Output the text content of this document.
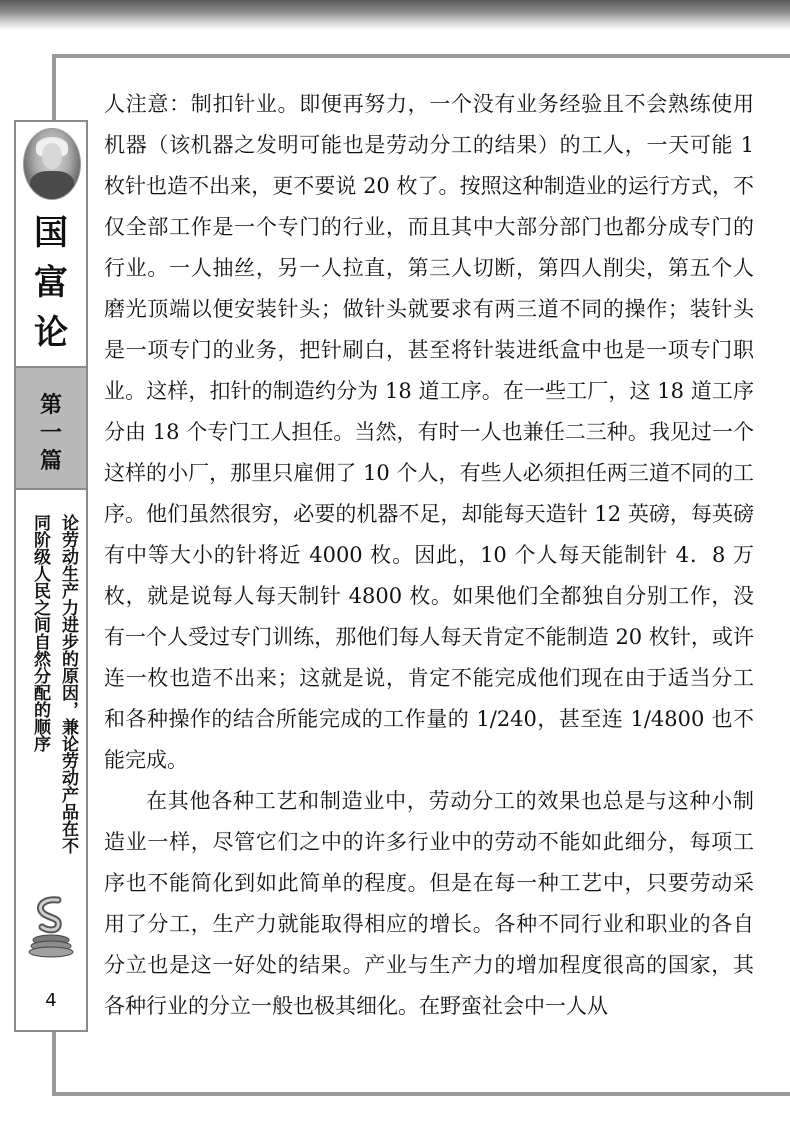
国
富
论
第
一
篇
论劳动生产力进步的原因，兼论劳动产品在不同阶级人民之间自然分配的顺序
4

人注意：制扣针业。即便再努力，一个没有业务经验且不会熟练使用机器（该机器之发明可能也是劳动分工的结果）的工人，一天可能 1 枚针也造不出来，更不要说 20 枚了。按照这种制造业的运行方式，不仅全部工作是一个专门的行业，而且其中大部分部门也都分成专门的行业。一人抽丝，另一人拉直，第三人切断，第四人削尖，第五个人磨光顶端以便安装针头；做针头就要求有两三道不同的操作；装针头是一项专门的业务，把针刷白，甚至将针装进纸盒中也是一项专门职业。这样，扣针的制造约分为 18 道工序。在一些工厂，这 18 道工序分由 18 个专门工人担任。当然，有时一人也兼任二三种。我见过一个这样的小厂，那里只雇佣了 10 个人，有些人必须担任两三道不同的工序。他们虽然很穷，必要的机器不足，却能每天造针 12 英磅，每英磅有中等大小的针将近 4000 枚。因此，10 个人每天能制针 4．8 万枚，就是说每人每天制针 4800 枚。如果他们全都独自分别工作，没有一个人受过专门训练，那他们每人每天肯定不能制造 20 枚针，或许连一枚也造不出来；这就是说，肯定不能完成他们现在由于适当分工和各种操作的结合所能完成的工作量的 1/240，甚至连 1/4800 也不能完成。

在其他各种工艺和制造业中，劳动分工的效果也总是与这种小制造业一样，尽管它们之中的许多行业中的劳动不能如此细分，每项工序也不能简化到如此简单的程度。但是在每一种工艺中，只要劳动采用了分工，生产力就能取得相应的增长。各种不同行业和职业的各自分立也是这一好处的结果。产业与生产力的增加程度很高的国家，其各种行业的分立一般也极其细化。在野蛮社会中一人从
